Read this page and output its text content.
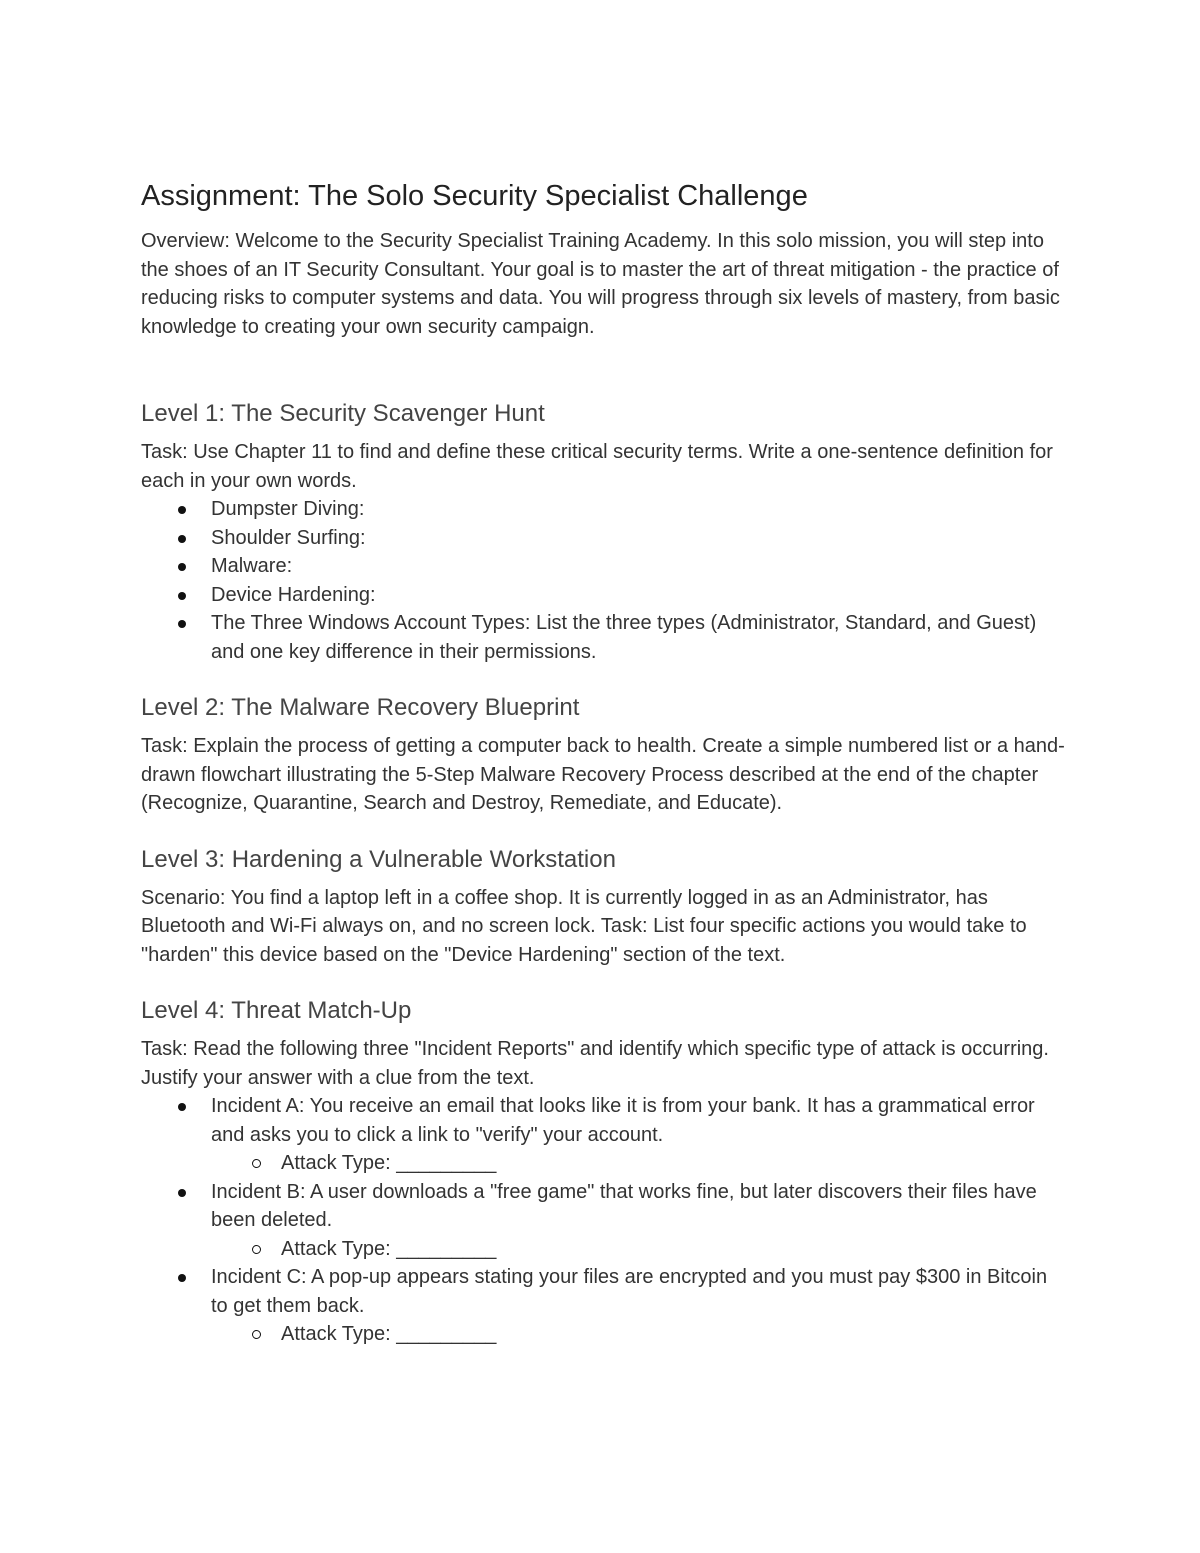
Assignment: The Solo Security Specialist Challenge

Overview: Welcome to the Security Specialist Training Academy. In this solo mission, you will step into the shoes of an IT Security Consultant. Your goal is to master the art of threat mitigation - the practice of reducing risks to computer systems and data. You will progress through six levels of mastery, from basic knowledge to creating your own security campaign.

Level 1: The Security Scavenger Hunt

Task: Use Chapter 11 to find and define these critical security terms. Write a one-sentence definition for each in your own words.

Dumpster Diving:
Shoulder Surfing:
Malware:
Device Hardening:
The Three Windows Account Types: List the three types (Administrator, Standard, and Guest) and one key difference in their permissions.
Level 2: The Malware Recovery Blueprint

Task: Explain the process of getting a computer back to health. Create a simple numbered list or a hand-drawn flowchart illustrating the 5-Step Malware Recovery Process described at the end of the chapter (Recognize, Quarantine, Search and Destroy, Remediate, and Educate).

Level 3: Hardening a Vulnerable Workstation

Scenario: You find a laptop left in a coffee shop. It is currently logged in as an Administrator, has Bluetooth and Wi-Fi always on, and no screen lock. Task: List four specific actions you would take to "harden" this device based on the "Device Hardening" section of the text.

Level 4: Threat Match-Up

Task: Read the following three "Incident Reports" and identify which specific type of attack is occurring. Justify your answer with a clue from the text.

Incident A: You receive an email that looks like it is from your bank. It has a grammatical error and asks you to click a link to "verify" your account.
Attack Type: _________
Incident B: A user downloads a "free game" that works fine, but later discovers their files have been deleted.
Attack Type: _________
Incident C: A pop-up appears stating your files are encrypted and you must pay $300 in Bitcoin to get them back.
Attack Type: _________
